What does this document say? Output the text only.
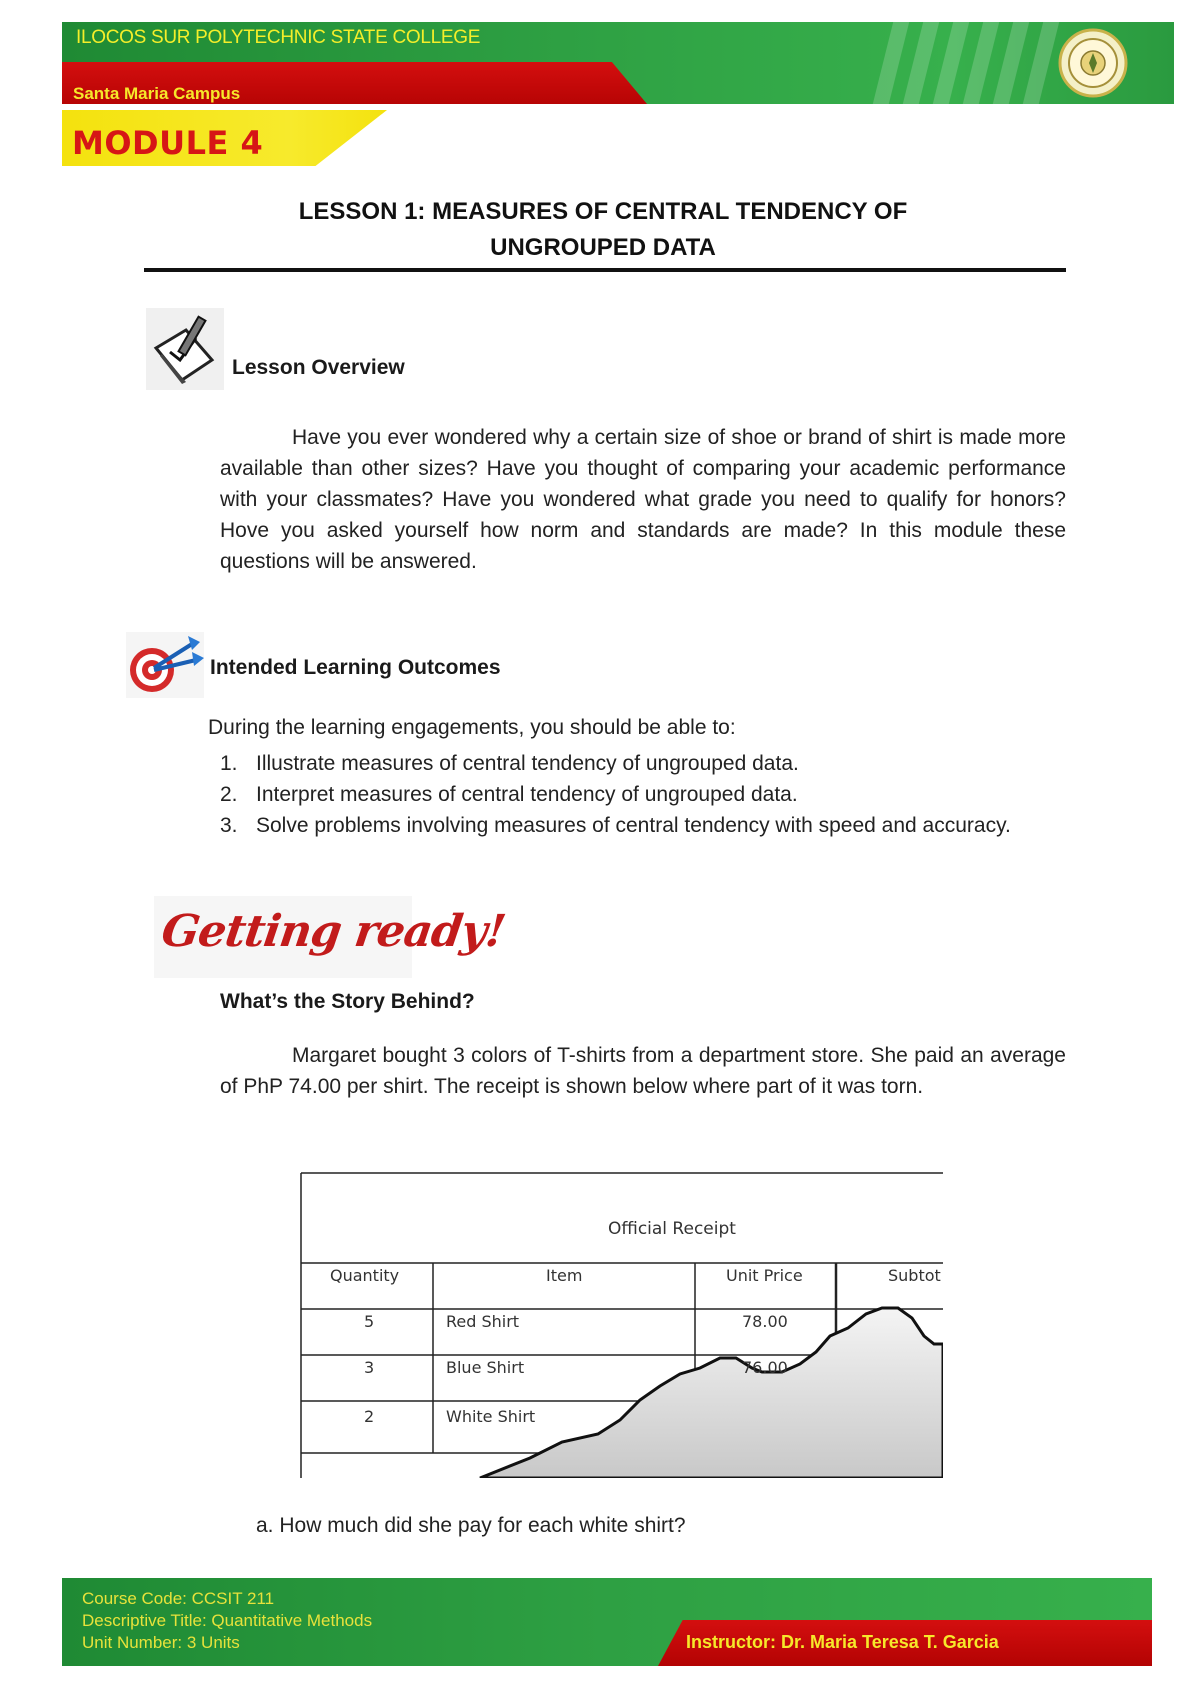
ILOCOS SUR POLYTECHNIC STATE COLLEGE
Santa Maria Campus
MODULE 4
LESSON 1: MEASURES OF CENTRAL TENDENCY OF
UNGROUPED DATA
Lesson Overview
Have you ever wondered why a certain size of shoe or brand of shirt is made more available than other sizes? Have you thought of comparing your academic performance with your classmates? Have you wondered what grade you need to qualify for honors? Hove you asked yourself how norm and standards are made? In this module these questions will be answered.
Intended Learning Outcomes
During the learning engagements, you should be able to:
1. Illustrate measures of central tendency of ungrouped data.
2. Interpret measures of central tendency of ungrouped data.
3. Solve problems involving measures of central tendency with speed and accuracy.
Getting ready!
What’s the Story Behind?
Margaret bought 3 colors of T-shirts from a department store. She paid an average of PhP 74.00 per shirt. The receipt is shown below where part of it was torn.
Official Receipt
Quantity	Item	Unit Price	Subtot
5	Red Shirt	78.00
3	Blue Shirt	76.00
2	White Shirt
a. How much did she pay for each white shirt?
Course Code: CCSIT 211
Descriptive Title: Quantitative Methods
Unit Number: 3 Units	Instructor: Dr. Maria Teresa T. Garcia
